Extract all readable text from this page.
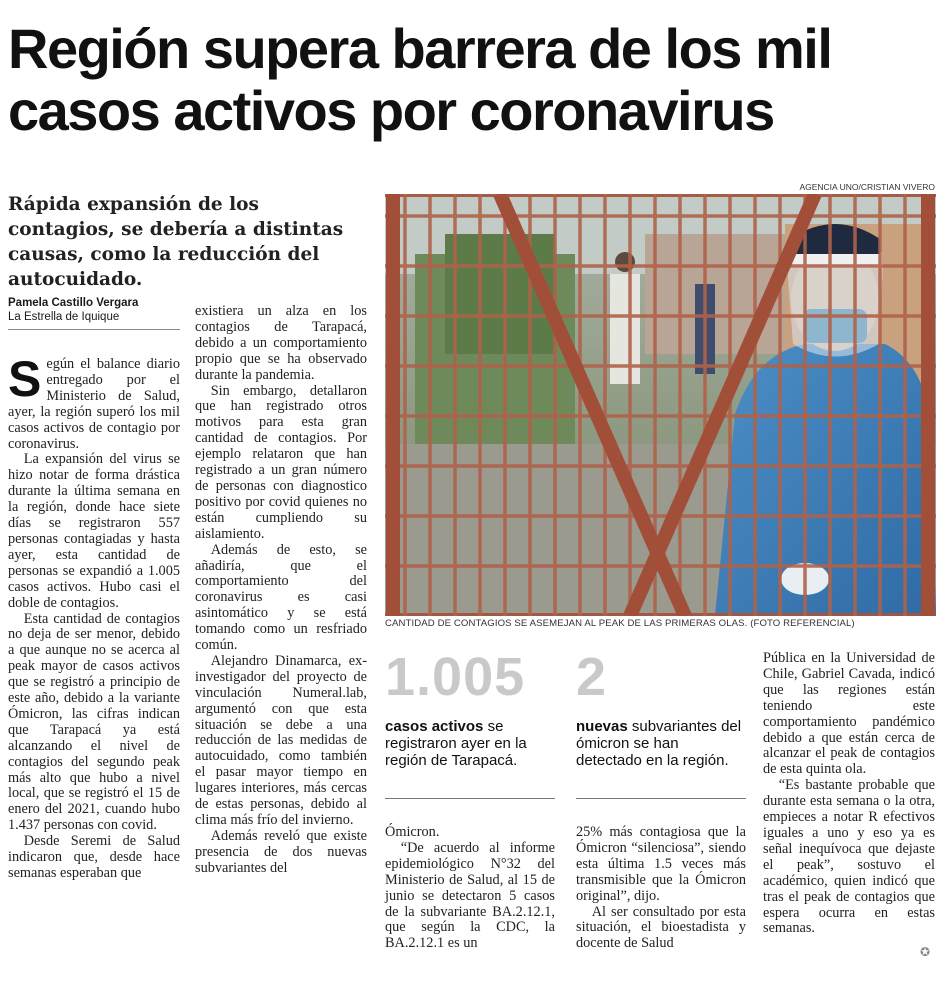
Región supera barrera de los mil casos activos por coronavirus

Rápida expansión de los contagios, se debería a distintas causas, como la reducción del autocuidado.

Pamela Castillo Vergara
La Estrella de Iquique

Según el balance diario entregado por el Ministerio de Salud, ayer, la región superó los mil casos activos de contagio por coronavirus.

La expansión del virus se hizo notar de forma drástica durante la última semana en la región, donde hace siete días se registraron 557 personas contagiadas y hasta ayer, esta cantidad de personas se expandió a 1.005 casos activos. Hubo casi el doble de contagios.

Esta cantidad de contagios no deja de ser menor, debido a que aunque no se acerca al peak mayor de casos activos que se registró a principio de este año, debido a la variante Ómicron, las cifras indican que Tarapacá ya está alcanzando el nivel de contagios del segundo peak más alto que hubo a nivel local, que se registró el 15 de enero del 2021, cuando hubo 1.437 personas con covid.

Desde Seremi de Salud indicaron que, desde hace semanas esperaban que

existiera un alza en los contagios de Tarapacá, debido a un comportamiento propio que se ha observado durante la pandemia.

Sin embargo, detallaron que han registrado otros motivos para esta gran cantidad de contagios. Por ejemplo relataron que han registrado a un gran número de personas con diagnostico positivo por covid quienes no están cumpliendo su aislamiento.

Además de esto, se añadiría, que el comportamiento del coronavirus es casi asintomático y se está tomando como un resfriado común.

Alejandro Dinamarca, ex-investigador del proyecto de vinculación Numeral.lab, argumentó con que esta situación se debe a una reducción de las medidas de autocuidado, como también el pasar mayor tiempo en lugares interiores, más cercas de estas personas, debido al clima más frío del invierno.

Además reveló que existe presencia de dos nuevas subvariantes del

AGENCIA UNO/CRISTIAN VIVERO
CANTIDAD DE CONTAGIOS SE ASEMEJAN AL PEAK DE LAS PRIMERAS OLAS. (FOTO REFERENCIAL)
1.005
casos activos se registraron ayer en la región de Tarapacá.
2
nuevas subvariantes del ómicron se han detectado en la región.

Ómicron.

“De acuerdo al informe epidemiológico N°32 del Ministerio de Salud, al 15 de junio se detectaron 5 casos de la subvariante BA.2.12.1, que según la CDC, la BA.2.12.1 es un

25% más contagiosa que la Ómicron “silenciosa”, siendo esta última 1.5 veces más transmisible que la Ómicron original”, dijo.

Al ser consultado por esta situación, el bioestadista y docente de Salud

Pública en la Universidad de Chile, Gabriel Cavada, indicó que las regiones están teniendo este comportamiento pandémico debido a que están cerca de alcanzar el peak de contagios de esta quinta ola.

“Es bastante probable que durante esta semana o la otra, empieces a notar R efectivos iguales a uno y eso ya es señal inequívoca que dejaste el peak”, sostuvo el académico, quien indicó que tras el peak de contagios que espera ocurra en estas semanas.

✪
